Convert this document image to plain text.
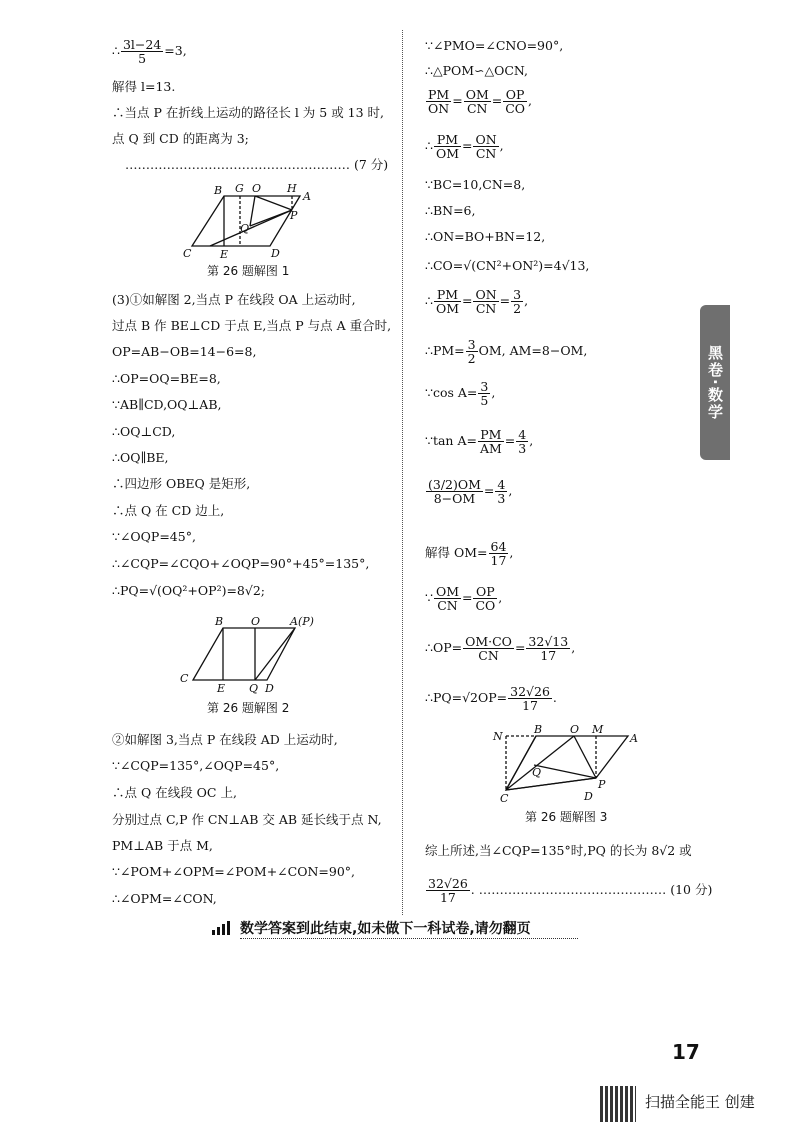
∴ $\frac{3l-24}{5} =3$,
解得 l=13.
∴当点 P 在折线上运动的路径长 l 为 5 或 13 时,
点 Q 到 CD 的距离为 3;
……………………………………………… (7 分)
B G O H
A
P
Q
C	E	D
第 26 题解图 1
(3)①如解图 2,当点 P 在线段 OA 上运动时,
过点 B 作 BE⊥CD 于点 E,当点 P 与点 A 重合时,
OP=AB−OB=14−6=8,
∴OP=OQ=BE=8,
∵AB∥CD,OQ⊥AB,
∴OQ⊥CD,
∴OQ∥BE,
∴四边形 OBEQ 是矩形,
∴点 Q 在 CD 边上,
∵∠OQP=45°,
∴∠CQP=∠CQO+∠OQP=90°+45°=135°,
∴PQ=√(OQ²+OP²)=8√2;
B	O	A(P)
C
E Q D
第 26 题解图 2
②如解图 3,当点 P 在线段 AD 上运动时,
∵∠CQP=135°,∠OQP=45°,
∴点 Q 在线段 OC 上,
分别过点 C,P 作 CN⊥AB 交 AB 延长线于点 N,
PM⊥AB 于点 M,
∵∠POM+∠OPM=∠POM+∠CON=90°,
∴∠OPM=∠CON,
∵∠PMO=∠CNO=90°,
∴△POM∽△OCN,
$\frac{PM}{ON} = \frac{OM}{CN} = \frac{OP}{CO}$ ,
∴ $\frac{PM}{OM} = \frac{ON}{CN}$ ,
∵BC=10,CN=8,
∴BN=6,
∴ON=BO+BN=12,
∴CO=√(CN²+ON²)=4√13,
∴ $\frac{PM}{OM} = \frac{ON}{CN} = \frac{3}{2}$ ,
∴PM= $\frac{3}{2}$ OM, AM=8−OM,
∵cos $A= \frac{3}{5}$ ,
∵tan $A= \frac{PM}{AM} = \frac{4}{3}$ ,
$\frac{(3/2)OM}{8-OM} = \frac{4}{3}$ ,
解得 $OM= \frac{64}{17}$ ,
∵ $\frac{OM}{CN} = \frac{OP}{CO}$ ,
∴OP= $\frac{OM\cdot CO}{CN} = \frac{32√13}{17}$ ,
∴PQ=√2OP= $\frac{32√26}{17}$ .
N
B	O M
A
Q
P
C	D
第 26 题解图 3
综上所述,当∠CQP=135°时,PQ 的长为 8√2 或
$\frac{32√26}{17}$ . ……………………………………… (10 分)
黑卷·数学
数学答案到此结束,如未做下一科试卷,请勿翻页
17
扫描全能王 创建
